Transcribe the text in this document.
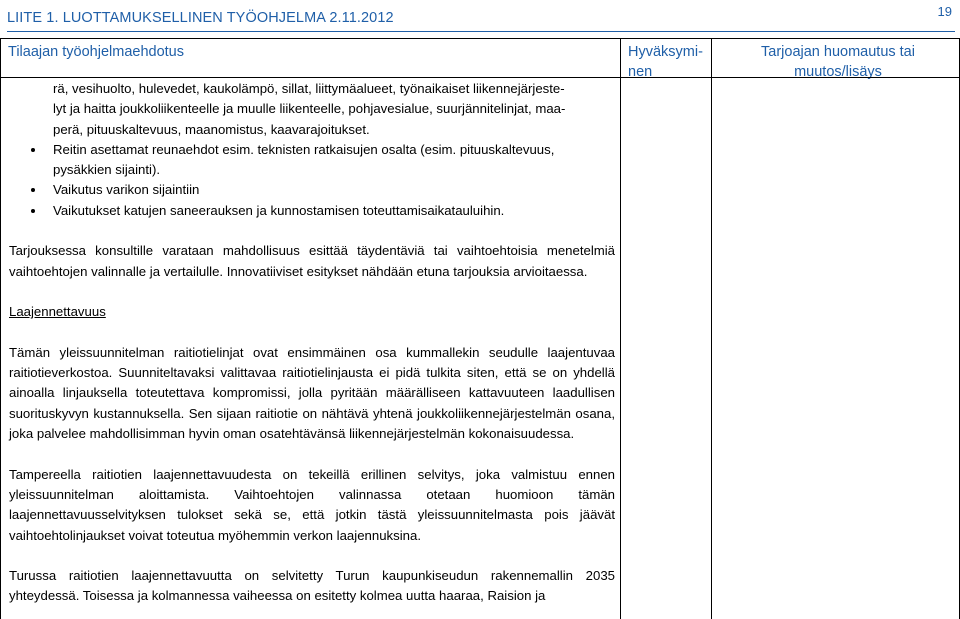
LIITE 1. LUOTTAMUKSELLINEN TYÖOHJELMA 2.11.2012	19
Tilaajan työohjelmaehdotus	Hyväksymi-nen
Tarjoajan huomautus tai muutos/lisäys
rä, vesihuolto, hulevedet, kaukolämpö, sillat, liittymäalueet, työnaikaiset liikennejärjeste-
lyt ja haitta joukkoliikenteelle ja muulle liikenteelle, pohjavesialue, suurjännitelinjat, maa-
perä, pituuskaltevuus, maanomistus, kaavarajoitukset.
Reitin asettamat reunaehdot esim. teknisten ratkaisujen osalta (esim. pituuskaltevuus, pysäkkien sijainti).
Vaikutus varikon sijaintiin
Vaikutukset katujen saneerauksen ja kunnostamisen toteuttamisaikatauluihin.

Tarjouksessa konsultille varataan mahdollisuus esittää täydentäviä tai vaihtoehtoisia menetelmiä vaihtoehtojen valinnalle ja vertailulle. Innovatiiviset esitykset nähdään etuna tarjouksia arvioitaessa.

Laajennettavuus

Tämän yleissuunnitelman raitiotielinjat ovat ensimmäinen osa kummallekin seudulle laajentuvaa raitiotieverkostoa. Suunniteltavaksi valittavaa raitiotielinjausta ei pidä tulkita siten, että se on yhdellä ainoalla linjauksella toteutettava kompromissi, jolla pyritään määrälliseen kattavuuteen laadullisen suorituskyvyn kustannuksella. Sen sijaan raitiotie on nähtävä yhtenä joukkoliikennejärjestelmän osana, joka palvelee mahdollisimman hyvin oman osatehtävänsä liikennejärjestelmän kokonaisuudessa.

Tampereella raitiotien laajennettavuudesta on tekeillä erillinen selvitys, joka valmistuu ennen yleissuunnitelman aloittamista. Vaihtoehtojen valinnassa otetaan huomioon tämän laajennettavuusselvityksen tulokset sekä se, että jotkin tästä yleissuunnitelmasta pois jäävät vaihtoehtolinjaukset voivat toteutua myöhemmin verkon laajennuksina.

Turussa raitiotien laajennettavuutta on selvitetty Turun kaupunkiseudun rakennemallin 2035 yhteydessä. Toisessa ja kolmannessa vaiheessa on esitetty kolmea uutta haaraa, Raision ja
